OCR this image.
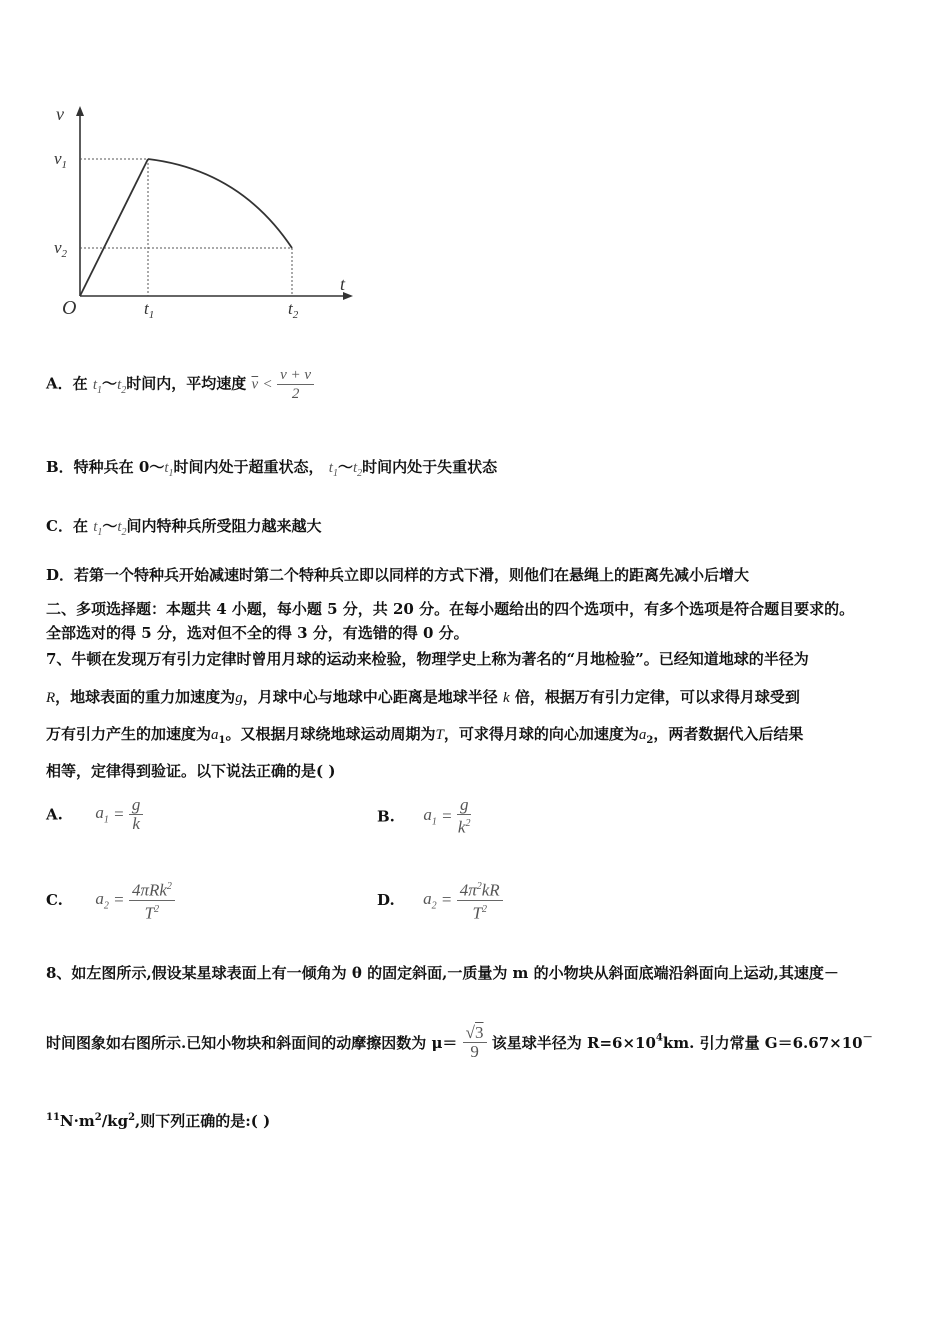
v
t
O
$v_1$
$v_2$
$t_1$	$t_2$
A．在 $t_1\sim t_2$时间内，平均速度 $\overline{v} < \frac{v + v}{2}$
B．特种兵在 $0\sim t_1$时间内处于超重状态， $t_1\sim t_2$时间内处于失重状态
C．在 $t_1\sim t_2$间内特种兵所受阻力越来越大
D．若第一个特种兵开始减速时第二个特种兵立即以同样的方式下滑，则他们在悬绳上的距离先减小后增大
二、多项选择题：本题共 4 小题，每小题 5 分，共 20 分。在每小题给出的四个选项中，有多个选项是符合题目要求的。
全部选对的得 5 分，选对但不全的得 3 分，有选错的得 0 分。
7、牛顿在发现万有引力定律时曾用月球的运动来检验，物理学史上称为著名的“月地检验”。已经知道地球的半径为
R，地球表面的重力加速度为g，月球中心与地球中心距离是地球半径 k 倍，根据万有引力定律，可以求得月球受到
万有引力产生的加速度为$a_1$。又根据月球绕地球运动周期为T，可求得月球的向心加速度为$a_2$，两者数据代入后结果
相等，定律得到验证。以下说法正确的是( )
A. $a_1 = \frac{g}{k}$	B. $a_1 = \frac{g}{k^2}$
C. $a_2 = \frac{4\pi Rk^2}{T^2}$	D. $a_2 = \frac{4\pi^2kR}{T^2}$
8、如左图所示,假设某星球表面上有一倾角为 θ 的固定斜面,一质量为 m 的小物块从斜面底端沿斜面向上运动,其速度－
时间图象如右图所示.已知小物块和斜面间的动摩擦因数为 $\mu= \frac{√3}{9}$ 该星球半径为 $R=6\times 10^4km$. 引力常量 G＝6.67×10－
$^{11}N\cdot m^2/kg^2$,则下列正确的是:( )
